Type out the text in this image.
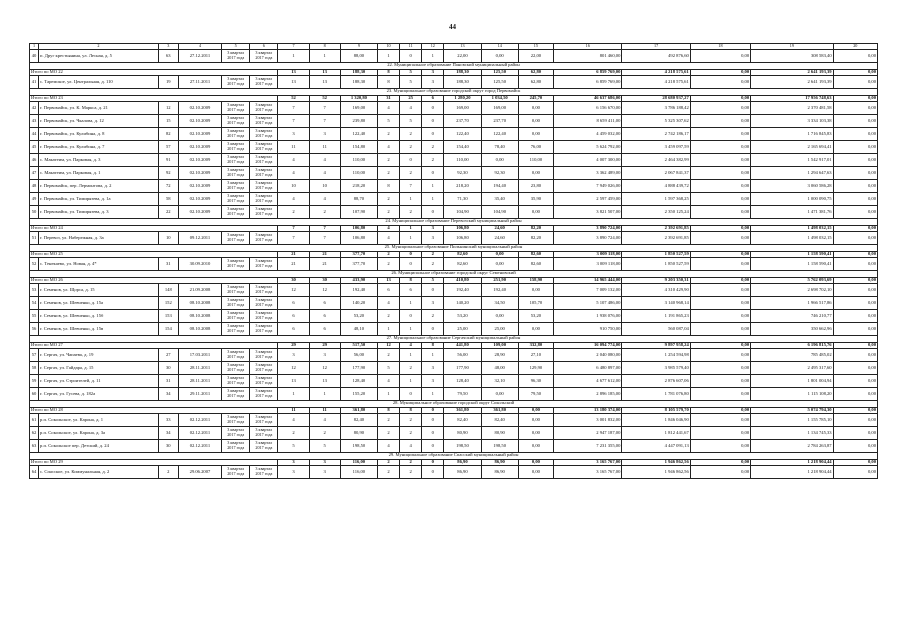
44
1	2	3	4	5	6	7	8	9	10	11	12	13	14	15	16	17	18	19	20
40	п. Друг крестьянина, ул. Лесная, д. 5	63	27.12.2011	3 квартал 2017 года	3 квартал 2017 года	1	1	88,00	1	0	1	22,00	0,00	22,00	801 460,00	492 876,60	0,00	308 583,40	0,00
22. Муниципальное образование Пановский муниципальный район																			
Итого по МО 22						13	13	188,30	8	5	3	188,30	125,50	62,80	6 859 769,00	4 218 575,61	0,00	2 641 193,39	0,00
41	с. Таремское, ул. Центральная, д. 110	19	27.11.2011	3 квартал 2017 года	3 квартал 2017 года	13	13	188,30	8	5	3	188,30	125,50	62,80	6 859 769,00	4 218 575,61	0,00	2 641 193,39	0,00
23. Муниципальное образование городской округ город Первомайск																			
Итого по МО 23						52	52	1 320,80	31	25	6	1 280,20	1 034,50	245,70	46 637 686,00	28 680 937,27	0,00	17 956 748,63	0,00
42	г. Первомайск, ул. К. Маркса, д. 21	12	02.10.2009	3 квартал 2017 года	3 квартал 2017 года	7	7	169,00	4	4	0	169,00	169,00	0,00	6 156 670,00	3 786 188,42	0,00	2 370 481,58	0,00
43	г. Первомайск, ул. Чкалова, д. 12	15	02.10.2009	3 квартал 2017 года	3 квартал 2017 года	7	7	239,80	5	5	0	237,70	237,70	0,00	8 659 411,00	5 325 307,62	0,00	3 334 103,38	0,00
44	г. Первомайск, ул. Кулибина, д. 8	82	02.10.2009	3 квартал 2017 года	3 квартал 2017 года	3	3	122,40	2	2	0	122,40	122,40	0,00	4 459 032,00	2 742 186,17	0,00	1 716 845,83	0,00
45	г. Первомайск, ул. Кулибина, д. 7	57	02.10.2009	3 квартал 2017 года	3 квартал 2017 года	11	11	154,80	4	2	2	154,40	78,40	76,00	5 624 792,00	3 459 097,59	0,00	2 165 694,41	0,00
46	с. Макатеим, ул. Парковая, д. 3	91	02.10.2009	3 квартал 2017 года	3 квартал 2017 года	4	4	110,00	2	0	2	110,00	0,00	110,00	4 007 300,00	2 464 382,99	0,00	1 542 917,01	0,00
47	с. Макатеим, ул. Парковая, д. 1	92	02.10.2009	3 квартал 2017 года	3 квартал 2017 года	4	4	110,00	2	2	0	92,30	92,30	0,00	3 362 489,00	2 067 841,37	0,00	1 294 647,63	0,00
48	г. Первомайск, пер. Лермонтова, д. 2	72	02.10.2009	3 квартал 2017 года	3 квартал 2017 года	10	10	218,20	8	7	1	218,20	194,40	23,80	7 949 026,00	4 888 439,72	0,00	3 060 586,28	0,00
49	г. Первомайск, ул. Тимирязева, д. 1а	58	02.10.2009	3 квартал 2017 года	3 квартал 2017 года	4	4	88,70	2	1	1	71,30	35,40	35,90	2 597 459,00	1 597 368,25	0,00	1 000 090,75	0,00
50	г. Первомайск, ул. Тимирязева, д. 3	22	02.10.2009	3 квартал 2017 года	3 квартал 2017 года	2	2	107,90	2	2	0	104,90	104,90	0,00	3 821 507,00	2 350 125,24	0,00	1 471 381,76	0,00
24. Муниципальное образование Перевозский муниципальный район																			
Итого по МО 24						7	7	106,80	4	1	3	106,80	24,60	82,20	3 890 724,00	2 392 691,85	0,00	1 498 032,15	0,00
51	г. Перевоз, ул. Набережная, д. 3а	10	09.12.2011	3 квартал 2017 года	3 квартал 2017 года	7	7	106,80	4	1	3	106,80	24,60	82,20	3 890 724,00	2 392 691,85	0,00	1 498 032,15	0,00
25. Муниципальное образование Пильнинский муниципальный район																			
Итого по МО 25						21	21	377,70	2	0	2	82,60	0,00	82,60	3 009 118,00	1 850 527,59	0,00	1 158 590,41	0,00
52	с. Тенекаево, ул. Новая, д. 4*	31	30.09.2010	3 квартал 2017 года	3 квартал 2017 года	21	21	377,70	2	0	2	82,60	0,00	82,60	3 009 118,00	1 850 527,59	0,00	1 158 590,41	0,00
26. Муниципальное образование городской округ Семеновский																			
Итого по МО 26						30	30	433,90	13	8	5	410,80	251,90	158,90	14 965 444,00	9 203 350,31	0,00	5 762 093,69	0,00
53	г. Семенов, ул. Щорса, д. 15	148	21.09.2008	3 квартал 2017 года	3 квартал 2017 года	12	12	192,40	6	6	0	192,40	192,40	0,00	7 009 132,00	4 310 429,90	0,00	2 698 702,10	0,00
54	г. Семенов, ул. Шевченко, д. 15а	152	08.10.2008	3 квартал 2017 года	3 квартал 2017 года	6	6	140,20	4	1	3	140,20	34,50	105,70	5 107 486,00	3 140 968,14	0,00	1 966 517,86	0,00
55	г. Семенов, ул. Шевченко, д. 15б	153	08.10.2008	3 квартал 2017 года	3 квартал 2017 года	6	6	53,20	2	0	2	53,20	0,00	53,20	1 938 076,00	1 191 865,23	0,00	746 210,77	0,00
56	г. Семенов, ул. Шевченко, д. 15в	154	08.10.2008	3 квартал 2017 года	3 квартал 2017 года	6	6	48,10	1	1	0	25,00	25,00	0,00	910 750,00	560 087,04	0,00	350 662,96	0,00
27. Муниципальное образование Сергачский муниципальный район																			
Итого по МО 27						29	29	517,50	12	4	8	441,80	109,00	332,80	16 094 774,00	9 897 958,24	0,00	6 196 815,76	0,00
57	г. Сергач, ул. Чапаева, д. 19	27	17.03.2011	3 квартал 2017 года	3 квартал 2017 года	3	3	56,00	2	1	1	56,00	28,90	27,10	2 040 080,00	1 254 594,98	0,00	785 485,02	0,00
58	г. Сергач, ул. Гайдара, д. 15	30	28.11.2011	3 квартал 2017 года	3 квартал 2017 года	12	12	177,90	5	2	3	177,90	48,00	129,90	6 480 897,00	3 985 579,40	0,00	2 495 317,60	0,00
59	г. Сергач, ул. Строителей, д. 11	31	28.11.2011	3 квартал 2017 года	3 квартал 2017 года	13	13	128,40	4	1	3	128,40	32,10	96,30	4 677 612,00	2 876 607,06	0,00	1 801 004,94	0,00
60	г. Сергач, ул. Гусева, д. 182а	34	29.11.2011	3 квартал 2017 года	3 квартал 2017 года	1	1	155,20	1	0	1	79,50	0,00	79,50	2 896 185,00	1 781 076,80	0,00	1 115 108,20	0,00
28. Муниципальное образование городской округ Сокольский																			
Итого по МО 28						11	11	361,80	8	8	0	361,80	361,80	0,00	13 180 374,00	8 105 579,70	0,00	5 074 794,30	0,00
61	р.п. Сокольское, ул. Карона, д. 1	33	02.12.2011	3 квартал 2017 года	3 квартал 2017 года	4	4	82,40	2	2	0	82,40	82,40	0,00	3 001 832,00	1 846 046,90	0,00	1 155 785,10	0,00
62	р.п. Сокольское, ул. Карона, д. 3а	34	02.12.2011	3 квартал 2017 года	3 квартал 2017 года	2	2	80,90	2	2	0	80,90	80,90	0,00	2 947 187,00	1 812 441,67	0,00	1 134 745,33	0,00
63	р.п. Сокольское пер. Детский, д. 24	30	02.12.2011	3 квартал 2017 года	3 квартал 2017 года	5	5	198,50	4	4	0	198,50	198,50	0,00	7 231 355,00	4 447 091,13	0,00	2 784 263,87	0,00
29. Муниципальное образование Спасский муниципальный район																			
Итого по МО 29						3	3	116,00	2	2	0	86,90	86,90	0,00	3 165 767,00	1 946 862,56	0,00	1 218 904,44	0,00
64	с. Спасское, ул. Коммунальная, д. 2	2	29.06.2007	3 квартал 2017 года	3 квартал 2017 года	3	3	116,00	2	2	0	86,90	86,90	0,00	3 165 767,00	1 946 862,56	0,00	1 218 904,44	0,00
